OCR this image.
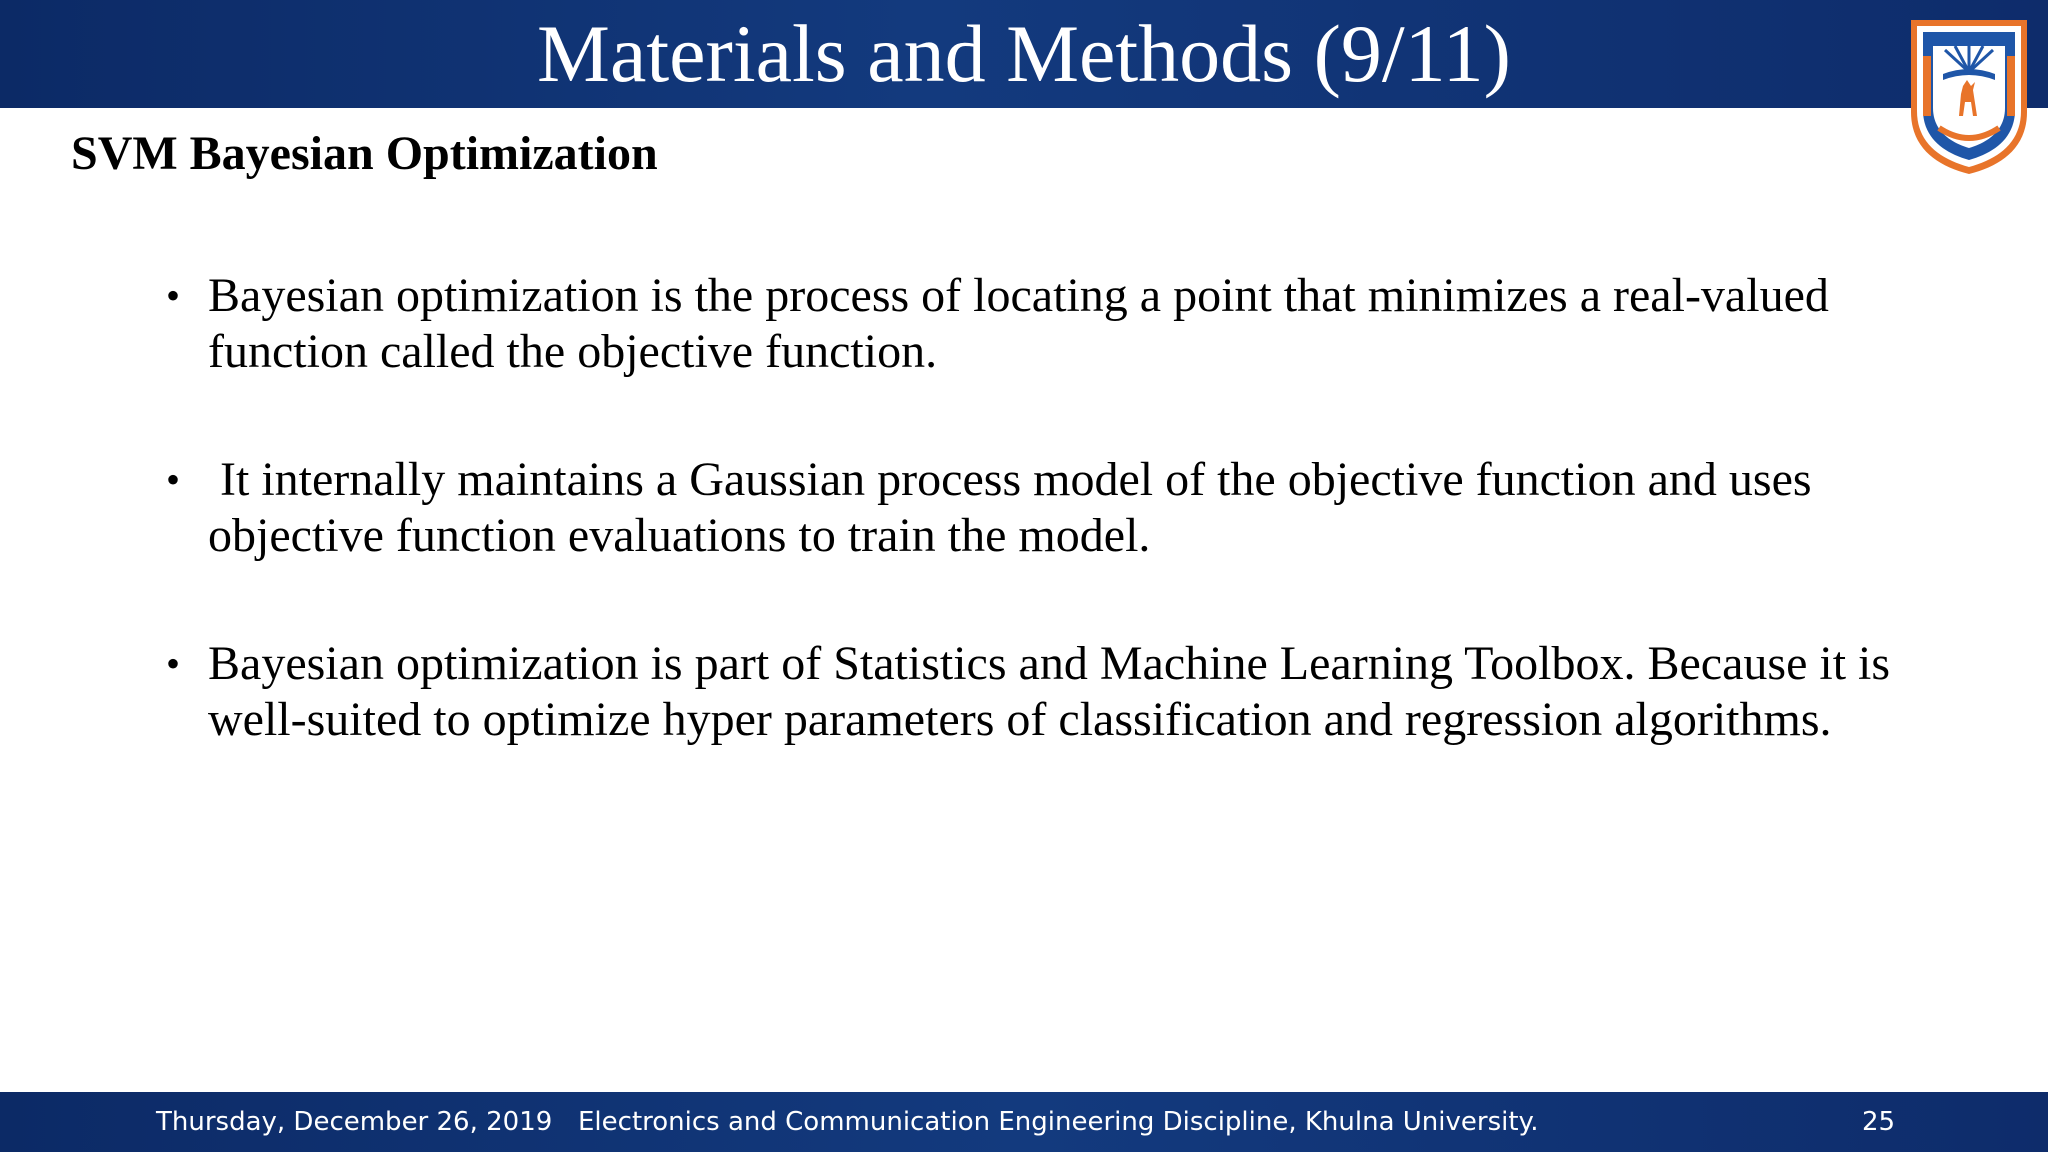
Materials and Methods (9/11)
SVM Bayesian Optimization
• Bayesian optimization is the process of locating a point that minimizes a real-valued function called the objective function.
• It internally maintains a Gaussian process model of the objective function and uses objective function evaluations to train the model.
• Bayesian optimization is part of Statistics and Machine Learning Toolbox. Because it is well-suited to optimize hyper parameters of classification and regression algorithms.
Thursday, December 26, 2019 Electronics and Communication Engineering Discipline, Khulna University.	25
